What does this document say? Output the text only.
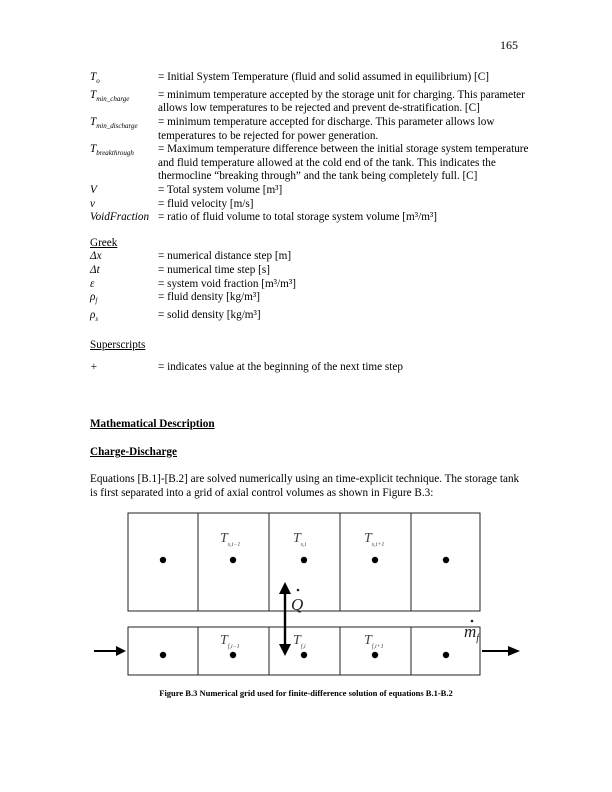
165
$T_o$	= Initial System Temperature (fluid and solid assumed in equilibrium) [C]
$T_{min\_charge}$	= minimum temperature accepted by the storage unit for charging. This parameter allows low temperatures to be rejected and prevent de-stratification. [C]
$T_{min\_discharge}$	= minimum temperature accepted for discharge. This parameter allows low temperatures to be rejected for power generation.
$T_{breakthrough}$	= Maximum temperature difference between the initial storage system temperature and fluid temperature allowed at the cold end of the tank. This indicates the thermocline “breaking through” and the tank being completely full. [C]
V	= Total system volume [m³]
v	= fluid velocity [m/s]
VoidFraction = ratio of fluid volume to total storage system volume [m³/m³]
Greek
Δx	= numerical distance step [m]
Δt	= numerical time step [s]
ε	= system void fraction [m³/m³]
$\rho_f$	= fluid density [kg/m³]
$\rho_s$	= solid density [kg/m³]
Superscripts
+	= indicates value at the beginning of the next time step
Mathematical Description
Charge-Discharge
Equations [B.1]-[B.2] are solved numerically using an time-explicit technique. The storage tank is first separated into a grid of axial control volumes as shown in Figure B.3:
$T_{s,i-1}$	$T_{s,i}$	$T_{s,i+1}$
$T_{f,i-1}$	$T_{f,i}$	$T_{f,i+1}$
Q
$m_f$
Figure B.3 Numerical grid used for finite-difference solution of equations B.1-B.2
